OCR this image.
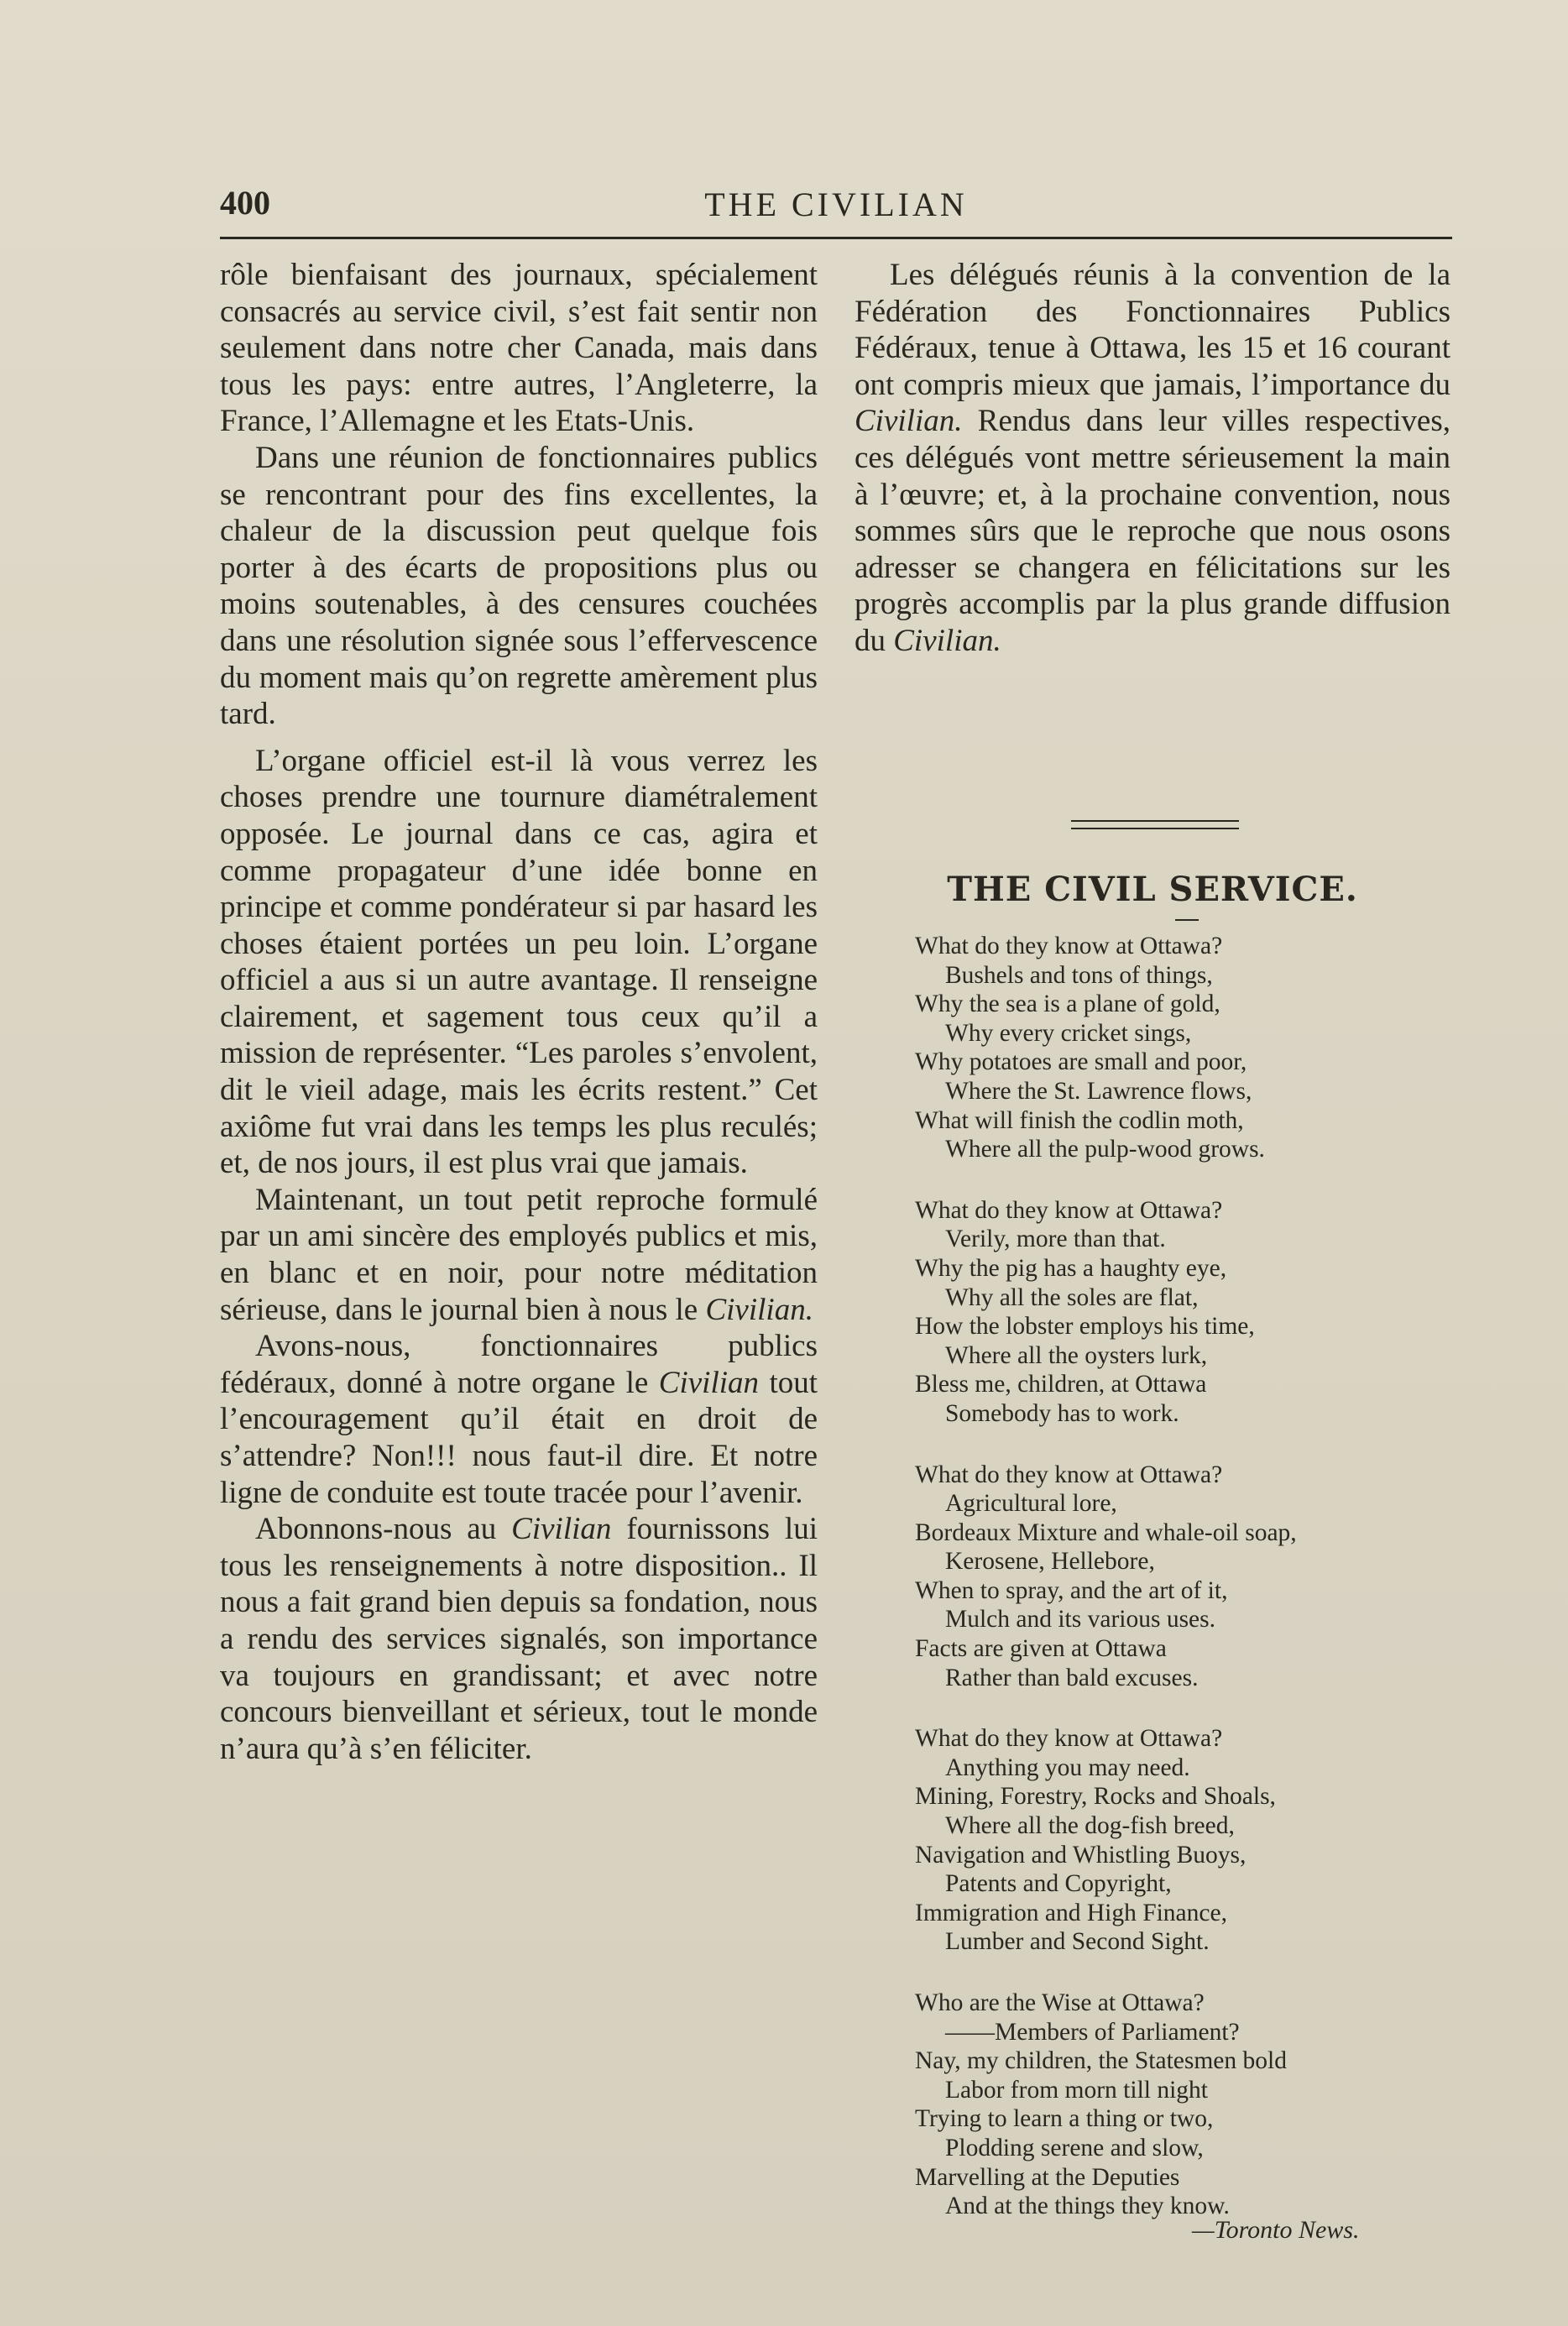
400	THE CIVILIAN

rôle bienfaisant des journaux, spécialement consacrés au service civil, s’est fait sentir non seulement dans notre cher Canada, mais dans tous les pays: entre autres, l’Angleterre, la France, l’Allemagne et les Etats-Unis.

Dans une réunion de fonctionnaires publics se rencontrant pour des fins excellentes, la chaleur de la discussion peut quelque fois porter à des écarts de propositions plus ou moins soutenables, à des censures couchées dans une résolution signée sous l’effervescence du moment mais qu’on regrette amèrement plus tard.

L’organe officiel est-il là vous verrez les choses prendre une tournure diamétralement opposée. Le journal dans ce cas, agira et comme propagateur d’une idée bonne en principe et comme pondérateur si par hasard les choses étaient portées un peu loin. L’organe officiel a aus si un autre avantage. Il renseigne clairement, et sagement tous ceux qu’il a mission de représenter. “Les paroles s’envolent, dit le vieil adage, mais les écrits restent.” Cet axiôme fut vrai dans les temps les plus reculés; et, de nos jours, il est plus vrai que jamais.

Maintenant, un tout petit reproche formulé par un ami sincère des employés publics et mis, en blanc et en noir, pour notre méditation sérieuse, dans le journal bien à nous le Civilian.

Avons-nous, fonctionnaires publics fédéraux, donné à notre organe le Civilian tout l’encouragement qu’il était en droit de s’attendre? Non!!! nous faut-il dire. Et notre ligne de conduite est toute tracée pour l’avenir.

Abonnons-nous au Civilian fournissons lui tous les renseignements à notre disposition.. Il nous a fait grand bien depuis sa fondation, nous a rendu des services signalés, son importance va toujours en grandissant; et avec notre concours bienveillant et sérieux, tout le monde n’aura qu’à s’en féliciter.

Les délégués réunis à la convention de la Fédération des Fonctionnaires Publics Fédéraux, tenue à Ottawa, les 15 et 16 courant ont compris mieux que jamais, l’importance du Civilian. Rendus dans leur villes respectives, ces délégués vont mettre sérieusement la main à l’œuvre; et, à la prochaine convention, nous sommes sûrs que le reproche que nous osons adresser se changera en félicitations sur les progrès accomplis par la plus grande diffusion du Civilian.

THE CIVIL SERVICE.
What do they know at Ottawa?
Bushels and tons of things,
Why the sea is a plane of gold,
Why every cricket sings,
Why potatoes are small and poor,
Where the St. Lawrence flows,
What will finish the codlin moth,
Where all the pulp-wood grows.
What do they know at Ottawa?
Verily, more than that.
Why the pig has a haughty eye,
Why all the soles are flat,
How the lobster employs his time,
Where all the oysters lurk,
Bless me, children, at Ottawa
Somebody has to work.
What do they know at Ottawa?
Agricultural lore,
Bordeaux Mixture and whale-oil soap,
Kerosene, Hellebore,
When to spray, and the art of it,
Mulch and its various uses.
Facts are given at Ottawa
Rather than bald excuses.
What do they know at Ottawa?
Anything you may need.
Mining, Forestry, Rocks and Shoals,
Where all the dog-fish breed,
Navigation and Whistling Buoys,
Patents and Copyright,
Immigration and High Finance,
Lumber and Second Sight.
Who are the Wise at Ottawa?
——Members of Parliament?
Nay, my children, the Statesmen bold
Labor from morn till night
Trying to learn a thing or two,
Plodding serene and slow,
Marvelling at the Deputies
And at the things they know.
— Toronto News.
